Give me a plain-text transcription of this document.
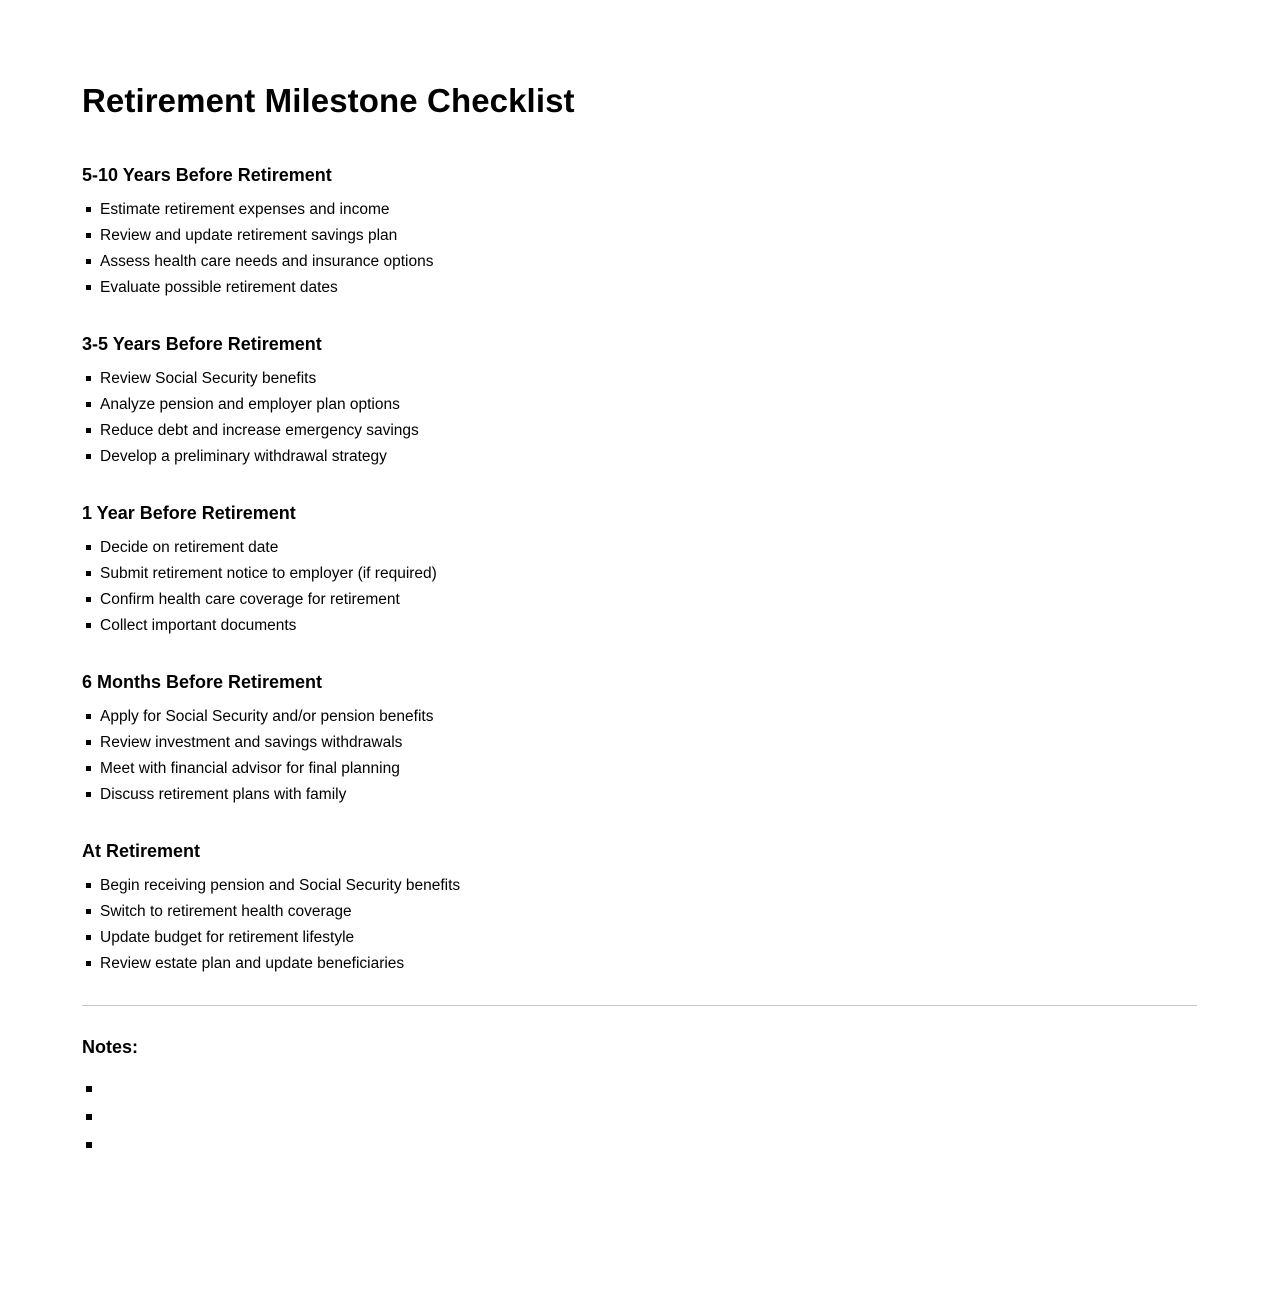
Retirement Milestone Checklist
5-10 Years Before Retirement
Estimate retirement expenses and income
Review and update retirement savings plan
Assess health care needs and insurance options
Evaluate possible retirement dates
3-5 Years Before Retirement
Review Social Security benefits
Analyze pension and employer plan options
Reduce debt and increase emergency savings
Develop a preliminary withdrawal strategy
1 Year Before Retirement
Decide on retirement date
Submit retirement notice to employer (if required)
Confirm health care coverage for retirement
Collect important documents
6 Months Before Retirement
Apply for Social Security and/or pension benefits
Review investment and savings withdrawals
Meet with financial advisor for final planning
Discuss retirement plans with family
At Retirement
Begin receiving pension and Social Security benefits
Switch to retirement health coverage
Update budget for retirement lifestyle
Review estate plan and update beneficiaries
Notes:
